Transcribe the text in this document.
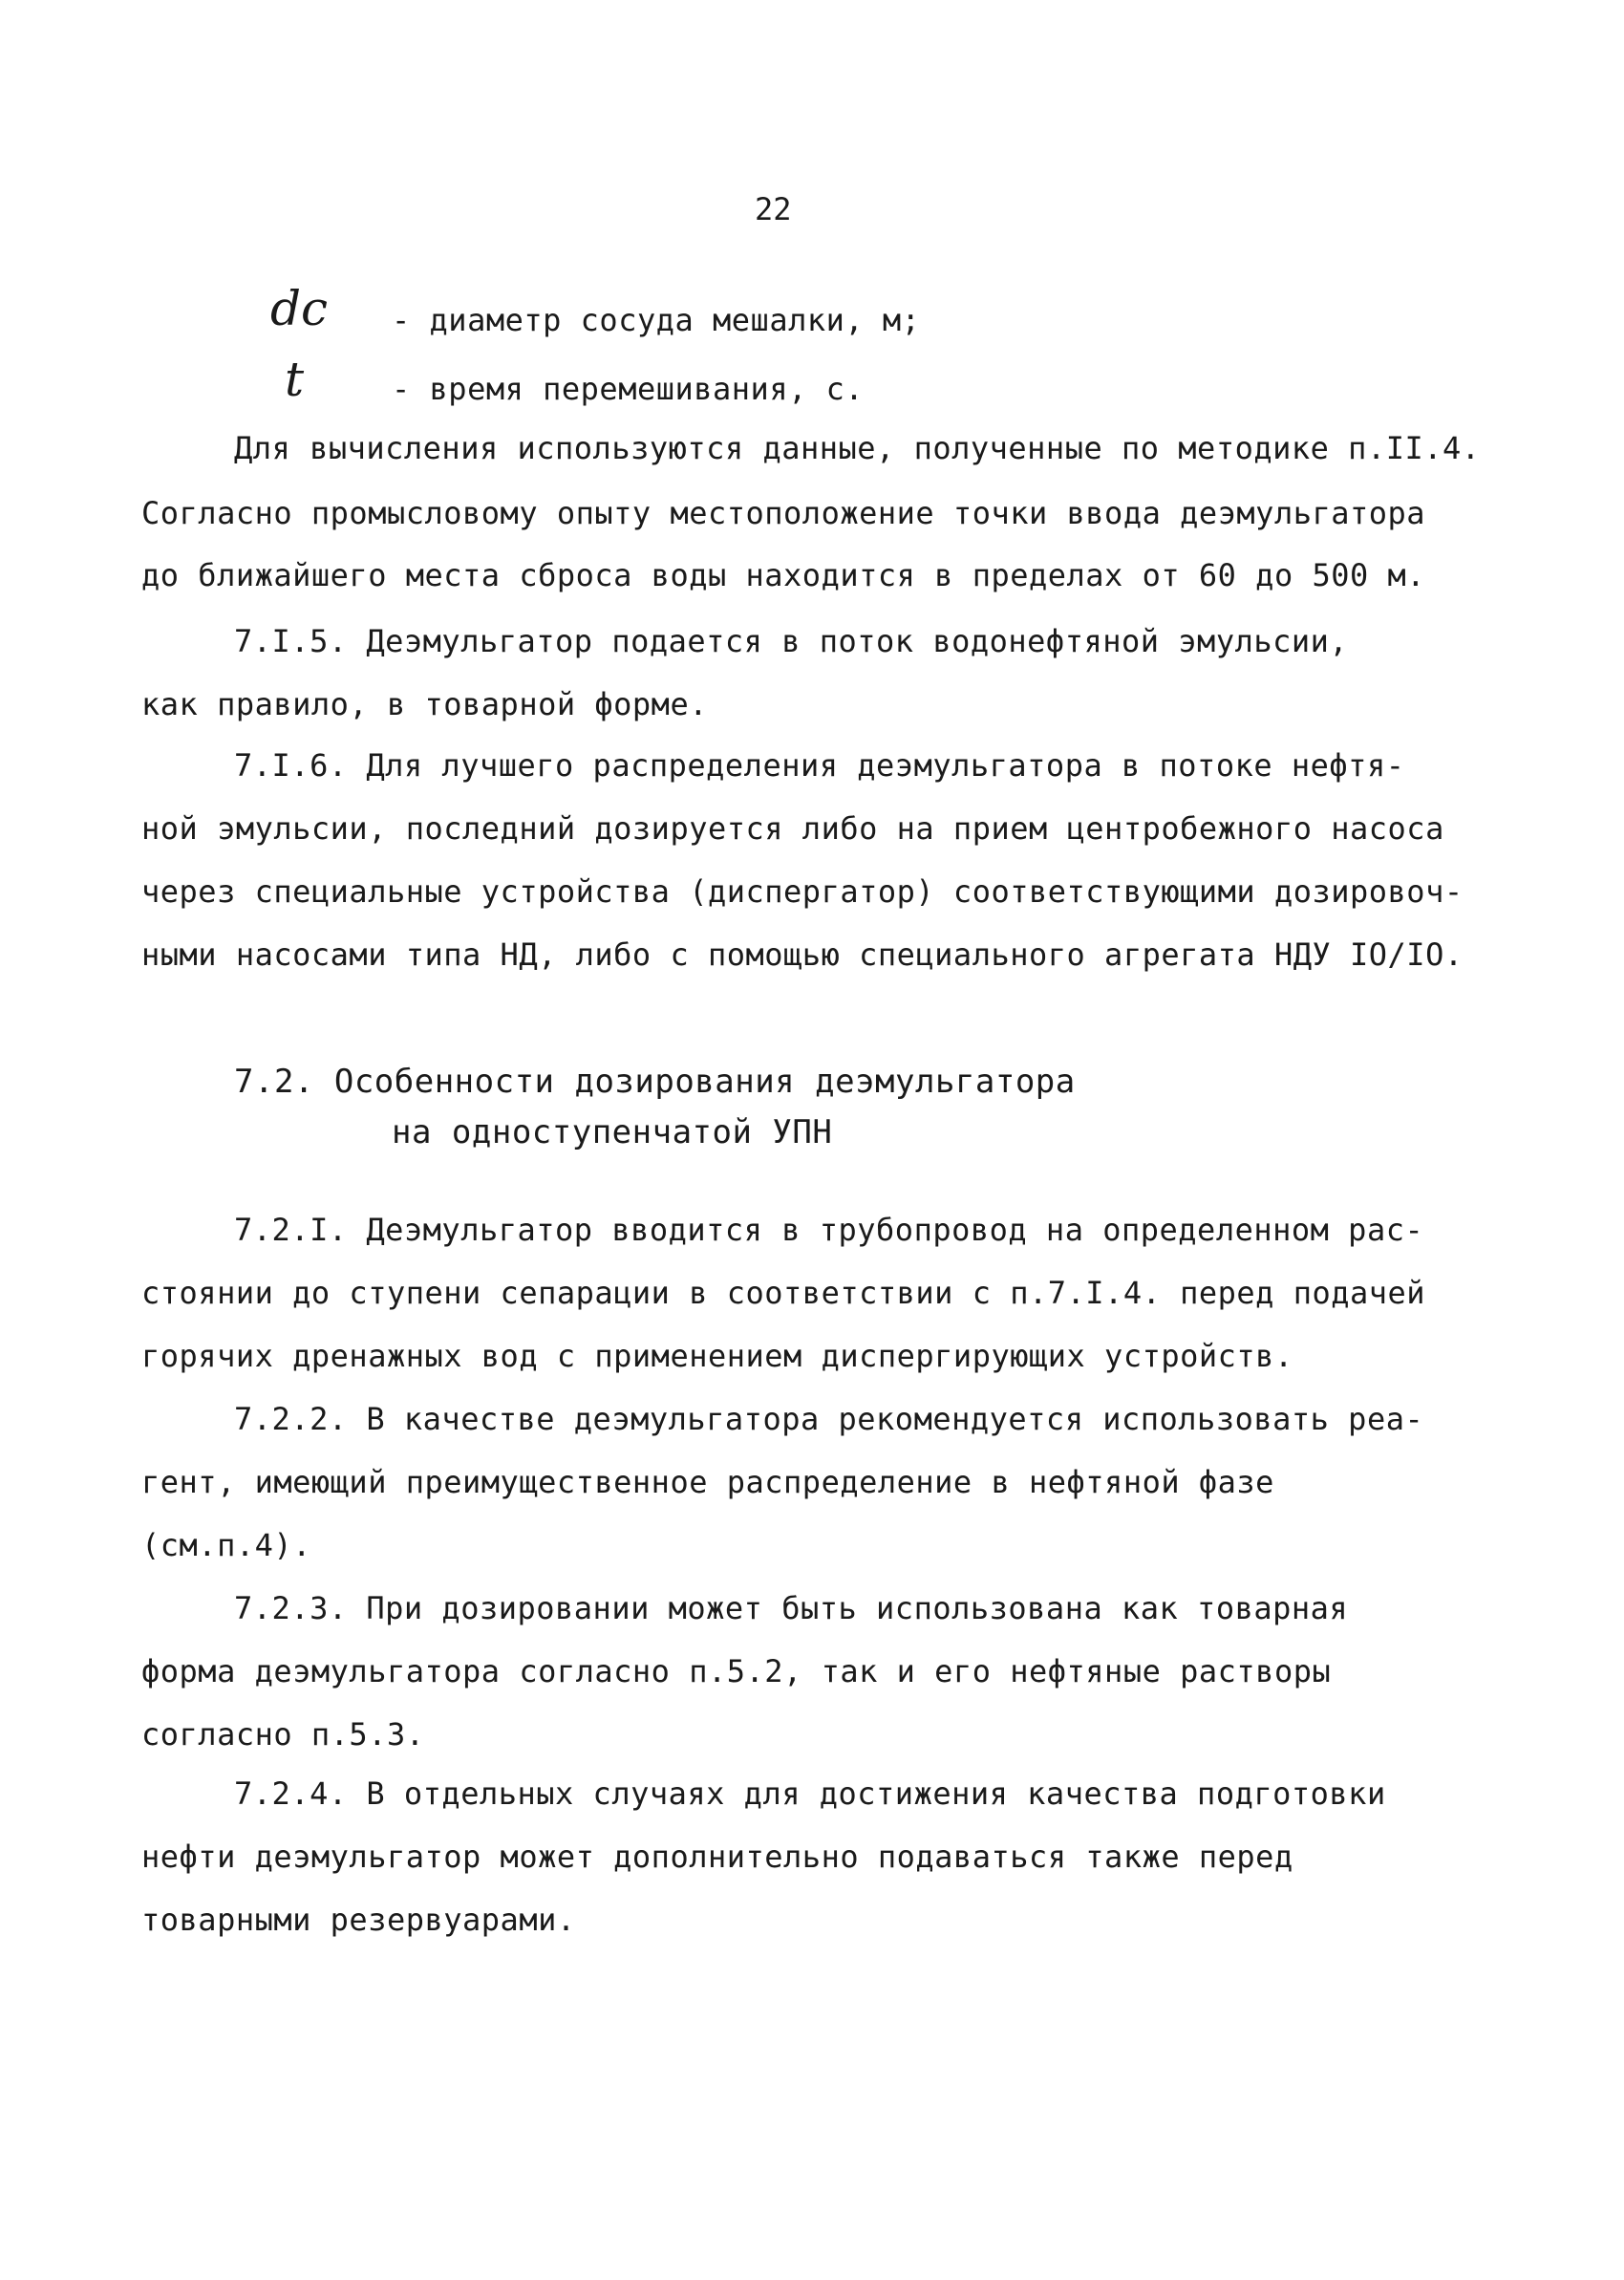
22
dc - диаметр сосуда мешалки, м;
t	- время перемешивания, с.
Для вычисления используются данные, полученные по методике п.II.4.
Согласно промысловому опыту местоположение точки ввода деэмульгатора
до ближайшего места сброса воды находится в пределах от 60 до 500 м.
7.I.5. Деэмульгатор подается в поток водонефтяной эмульсии,
как правило, в товарной форме.
7.I.6. Для лучшего распределения деэмульгатора в потоке нефтя-
ной эмульсии, последний дозируется либо на прием центробежного насоса
через специальные устройства (диспергатор) соответствующими дозировоч-
ными насосами типа НД, либо с помощью специального агрегата НДУ IO/IO.
7.2. Особенности дозирования деэмульгатора
на одноступенчатой УПН
7.2.I. Деэмульгатор вводится в трубопровод на определенном рас-
стоянии до ступени сепарации в соответствии с п.7.I.4. перед подачей
горячих дренажных вод с применением диспергирующих устройств.
7.2.2. В качестве деэмульгатора рекомендуется использовать реа-
гент, имеющий преимущественное распределение в нефтяной фазе
(см.п.4).
7.2.3. При дозировании может быть использована как товарная
форма деэмульгатора согласно п.5.2, так и его нефтяные растворы
согласно п.5.3.
7.2.4. В отдельных случаях для достижения качества подготовки
нефти деэмульгатор может дополнительно подаваться также перед
товарными резервуарами.
